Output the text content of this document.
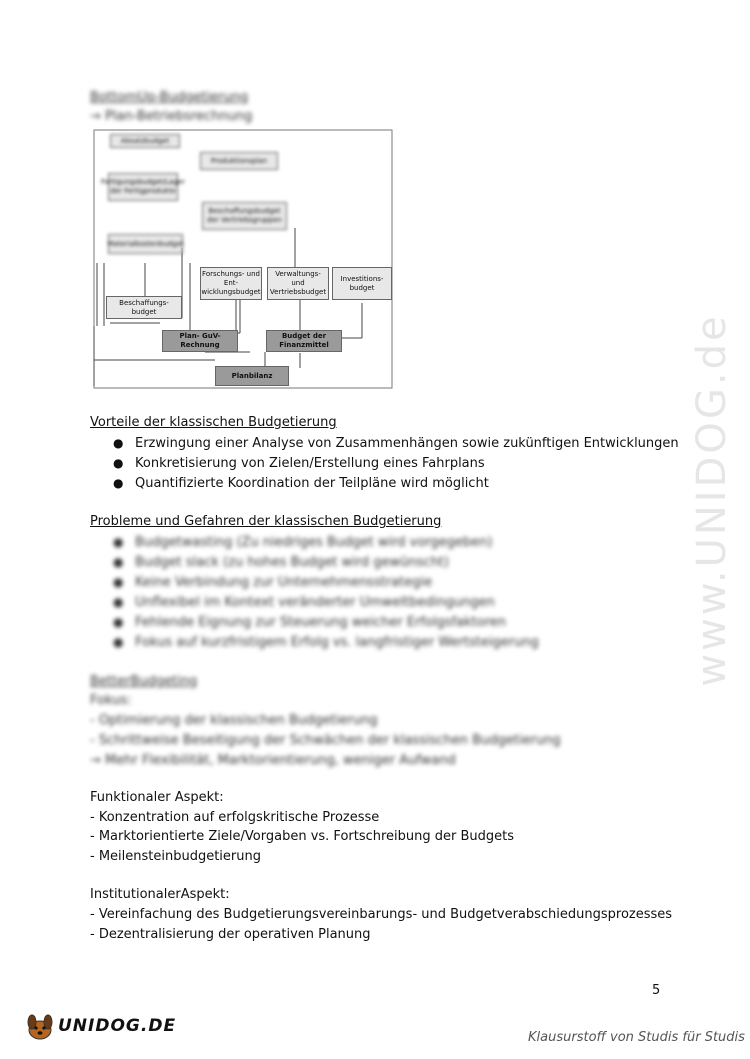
www.UNIDOG.de
BottomUp-Budgetierung
→ Plan-Betriebsrechnung
Absatzbudget
Produktionsplan
Fertigungsbudget/Lager der Fertigprodukte
Beschaffungsbudget der Vertriebsgruppen
Materialkostenbudget
Forschungs- und Ent- wicklungsbudget
Verwaltungs- und Vertriebsbudget
Investitions- budget
Beschaffungs- budget
Plan- GuV-Rechnung
Budget der Finanzmittel
Planbilanz
Vorteile der klassischen Budgetierung
● Erzwingung einer Analyse von Zusammenhängen sowie zukünftigen Entwicklungen
● Konkretisierung von Zielen/Erstellung eines Fahrplans
● Quantifizierte Koordination der Teilpläne wird möglicht
Probleme und Gefahren der klassischen Budgetierung
● Budgetwasting (Zu niedriges Budget wird vorgegeben)
● Budget slack (zu hohes Budget wird gewünscht)
● Keine Verbindung zur Unternehmensstrategie
● Unflexibel im Kontext veränderter Umweltbedingungen
● Fehlende Eignung zur Steuerung weicher Erfolgsfaktoren
● Fokus auf kurzfristigem Erfolg vs. langfristiger Wertsteigerung
BetterBudgeting
Fokus:
- Optimierung der klassischen Budgetierung
- Schrittweise Beseitigung der Schwächen der klassischen Budgetierung
→ Mehr Flexibilität, Marktorientierung, weniger Aufwand
Funktionaler Aspekt:
- Konzentration auf erfolgskritische Prozesse
- Marktorientierte Ziele/Vorgaben vs. Fortschreibung der Budgets
- Meilensteinbudgetierung
InstitutionalerAspekt:
- Vereinfachung des Budgetierungsvereinbarungs- und Budgetverabschiedungsprozesses
- Dezentralisierung der operativen Planung
5
UNIDOG.DE
Klausurstoff von Studis für Studis
